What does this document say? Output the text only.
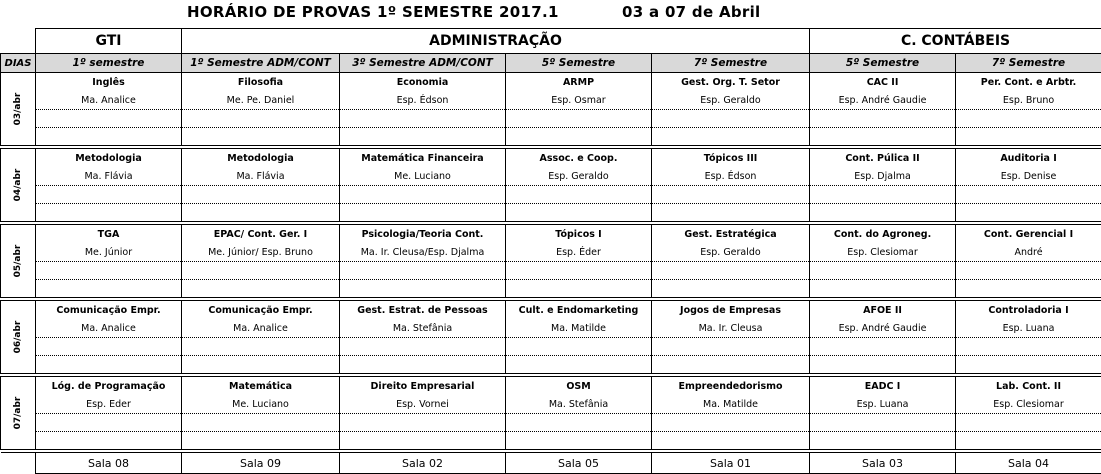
HORÁRIO DE PROVAS 1º SEMESTRE 2017.1	03 a 07 de Abril
	GTI	ADMINISTRAÇÃO				C. CONTÁBEIS	
DIAS	1º semestre	1º Semestre ADM/CONT	3º Semestre ADM/CONT	5º Semestre	7º Semestre	5º Semestre	7º Semestre

03/abr	Inglês	Filosofia	Economia	ARMP	Gest. Org. T. Setor	CAC II	Per. Cont. e Arbtr.
	Ma. Analice	Me. Pe. Daniel	Esp. Édson	Esp. Osmar	Esp. Geraldo	Esp. André Gaudie	Esp. Bruno

04/abr	Metodologia	Metodologia	Matemática Financeira	Assoc. e Coop.	Tópicos III	Cont. Púlica II	Auditoria I
	Ma. Flávia	Ma. Flávia	Me. Luciano	Esp. Geraldo	Esp. Édson	Esp. Djalma	Esp. Denise

05/abr	TGA	EPAC/ Cont. Ger. I	Psicologia/Teoria Cont.	Tópicos I	Gest. Estratégica	Cont. do Agroneg.	Cont. Gerencial I
	Me. Júnior	Me. Júnior/ Esp. Bruno	Ma. Ir. Cleusa/Esp. Djalma	Esp. Éder	Esp. Geraldo	Esp. Clesiomar	André

06/abr	Comunicação Empr.	Comunicação Empr.	Gest. Estrat. de Pessoas	Cult. e Endomarketing	Jogos de Empresas	AFOE II	Controladoria I
	Ma. Analice	Ma. Analice	Ma. Stefânia	Ma. Matilde	Ma. Ir. Cleusa	Esp. André Gaudie	Esp. Luana

07/abr	Lóg. de Programação	Matemática	Direito Empresarial	OSM	Empreendedorismo	EADC I	Lab. Cont. II
	Esp. Eder	Me. Luciano	Esp. Vornei	Ma. Stefânia	Ma. Matilde	Esp. Luana	Esp. Clesiomar

	Sala 08	Sala 09	Sala 02	Sala 05	Sala 01	Sala 03	Sala 04
